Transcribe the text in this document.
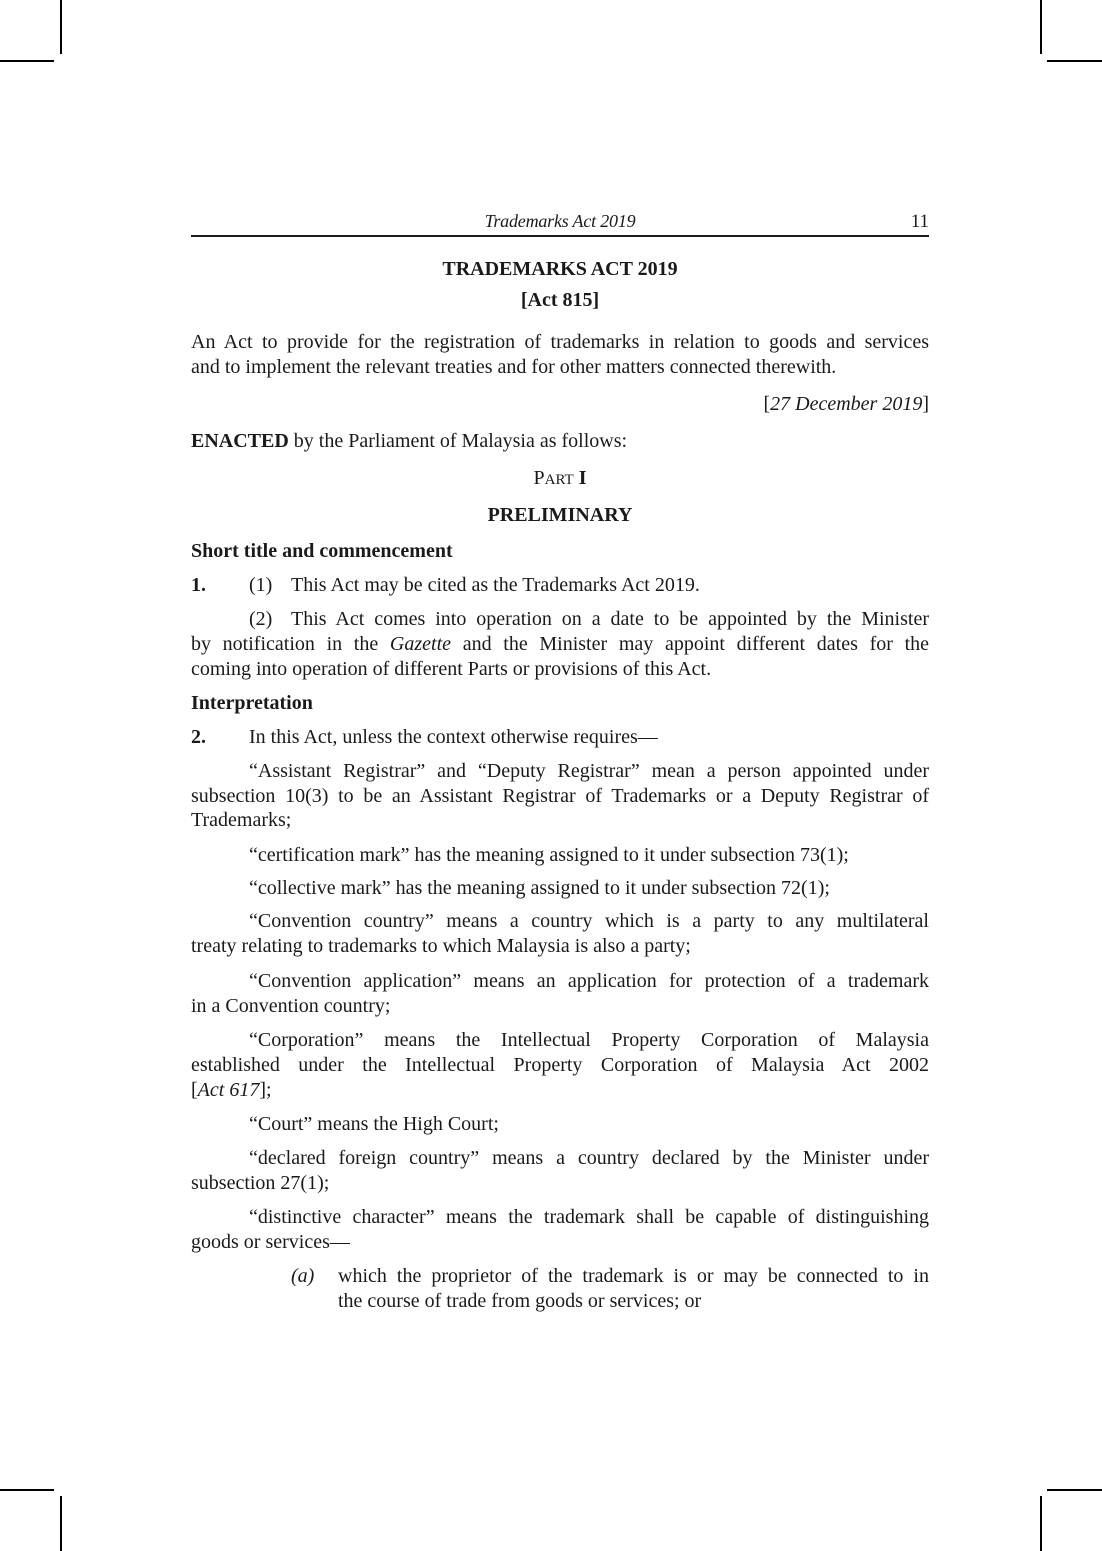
Trademarks Act 2019	11
TRADEMARKS ACT 2019
[Act 815]
An Act to provide for the registration of trademarks in relation to goods and services
and to implement the relevant treaties and for other matters connected therewith.
[27 December 2019]
ENACTED by the Parliament of Malaysia as follows:
PART I
PRELIMINARY
Short title and commencement
1. (1) This Act may be cited as the Trademarks Act 2019.
(2) This Act comes into operation on a date to be appointed by the Minister
by notification in the Gazette and the Minister may appoint different dates for the
coming into operation of different Parts or provisions of this Act.
Interpretation
2. In this Act, unless the context otherwise requires—
“Assistant Registrar” and “Deputy Registrar” mean a person appointed under
subsection 10(3) to be an Assistant Registrar of Trademarks or a Deputy Registrar of
Trademarks;
“certification mark” has the meaning assigned to it under subsection 73(1);
“collective mark” has the meaning assigned to it under subsection 72(1);
“Convention country” means a country which is a party to any multilateral
treaty relating to trademarks to which Malaysia is also a party;
“Convention application” means an application for protection of a trademark
in a Convention country;
“Corporation” means the Intellectual Property Corporation of Malaysia
established under the Intellectual Property Corporation of Malaysia Act 2002
[Act 617];
“Court” means the High Court;
“declared foreign country” means a country declared by the Minister under
subsection 27(1);
“distinctive character” means the trademark shall be capable of distinguishing
goods or services—
(a)	which the proprietor of the trademark is or may be connected to in
the course of trade from goods or services; or
